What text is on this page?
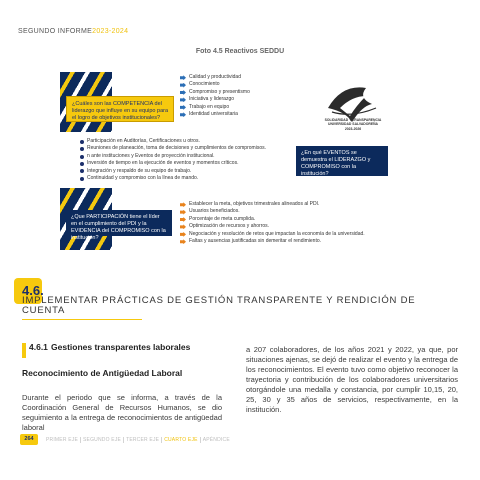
SEGUNDO INFORME2023-2024
Foto 4.5 Reactivos SEDDU
¿Cuáles son las COMPETENCIA del liderazgo que influye en su equipo para el logro de objetivos institucionales?
Calidad y productividad
Conocimiento
Compromiso y presentismo
Iniciativa y liderazgo
Trabajo en equipo
Identidad universitaria
SOLIDARIDAD Y TRANSPARENCIA
UNIVERSIDAD SALVADOREÑA
2023-2026
Participación en Auditorías, Certificaciones u otros.
Reuniones de planeación, toma de decisiones y cumplimientos de compromisos.
n ante instituciones y Eventos de proyección institucional.
Inversión de tiempo en la ejecución de eventos y momentos críticos.
Integración y respaldo de su equipo de trabajo.
Continuidad y compromiso con la línea de mando.
¿En qué EVENTOS se demuestra el LIDERAZGO y COMPROMISO con la institución?
¿Que PARTICIPACIÓN tiene el líder en el cumplimiento del PDI y la EVIDENCIA del COMPROMISO con la institución?
Establecer la meta, objetivos trimestrales alineados al PDI.
Usuarios beneficiados.
Porcentaje de meta cumplida.
Optimización de recursos y ahorros.
Negociación y resolución de retos que impactan la economía de la universidad.
Faltas y ausencias justificadas sin demeritar el rendimiento.
4.6.
IMPLEMENTAR PRÁCTICAS DE GESTIÓN TRANSPARENTE Y RENDICIÓN DE CUENTA
4.6.1 Gestiones transparentes laborales
Reconocimiento de Antigüedad Laboral
Durante el periodo que se informa, a través de la Coordinación General de Recursos Humanos, se dio seguimiento a la entrega de reconocimientos de antigüedad laboral
a 207 colaboradores, de los años 2021 y 2022, ya que, por situaciones ajenas, se dejó de realizar el evento y la entrega de los reconocimientos. El evento tuvo como objetivo reconocer la trayectoria y contribución de los colaboradores universitarios otorgándole una medalla y constancia, por cumplir 10,15, 20, 25, 30 y 35 años de servicios, respectivamente, en la institución.
264	PRIMER EJE	SEGUNDO EJE	TERCER EJE	CUARTO EJE	APÉNDICE
